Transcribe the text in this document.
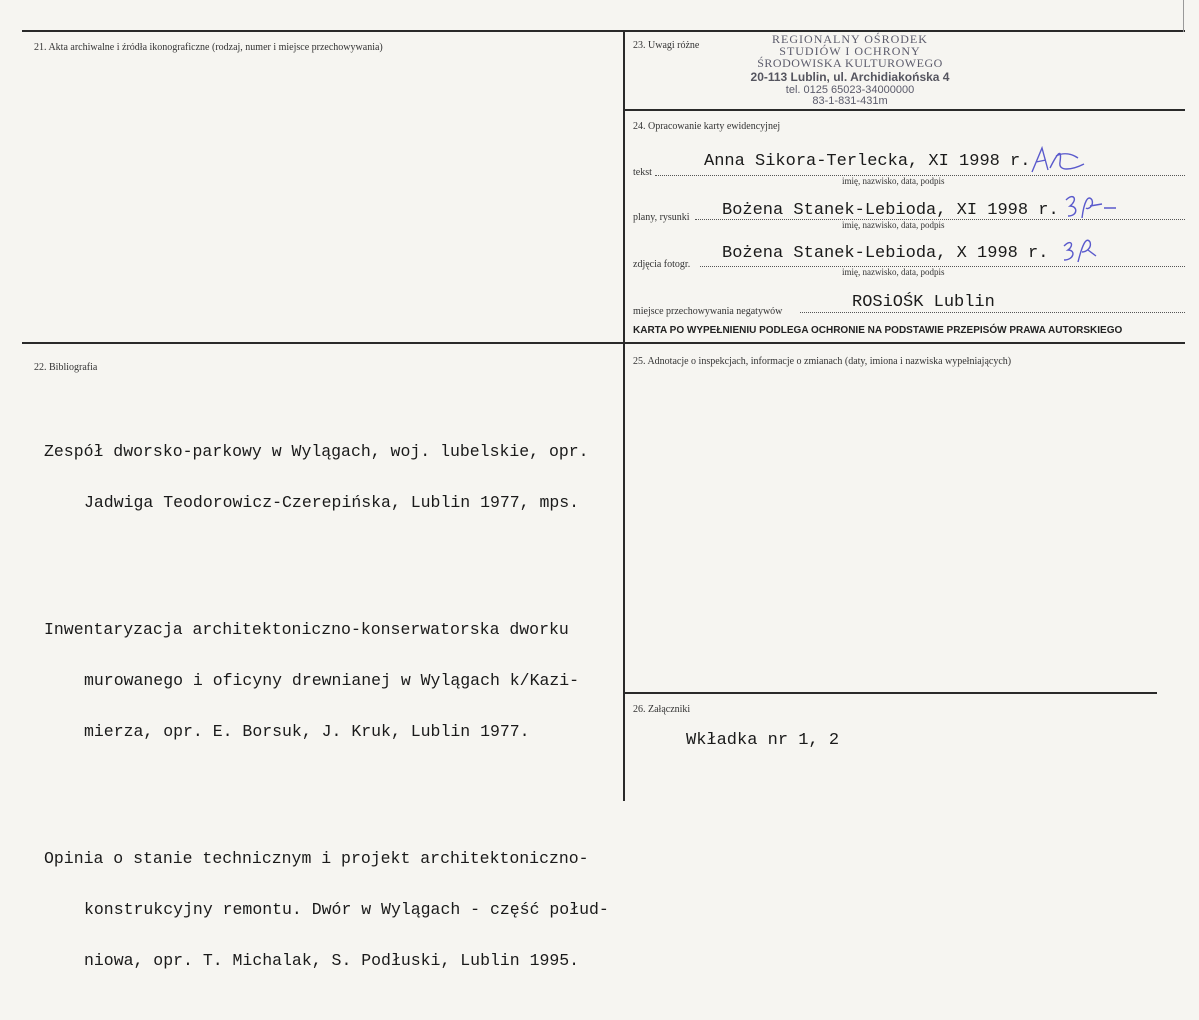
21. Akta archiwalne i źródła ikonograficzne (rodzaj, numer i miejsce przechowywania)
22. Bibliografia

Zespół dworsko-parkowy w Wylągach, woj. lubelskie, opr.

Jadwiga Teodorowicz-Czerepińska, Lublin 1977, mps.

Inwentaryzacja architektoniczno-konserwatorska dworku

murowanego i oficyny drewnianej w Wylągach k/Kazi-

mierza, opr. E. Borsuk, J. Kruk, Lublin 1977.

Opinia o stanie technicznym i projekt architektoniczno-

konstrukcyjny remontu. Dwór w Wylągach - część połud-

niowa, opr. T. Michalak, S. Podłuski, Lublin 1995.

23. Uwagi różne	REGIONALNY OŚRODEK
STUDIÓW I OCHRONY
ŚRODOWISKA KULTUROWEGO
20-113 Lublin, ul. Archidiakońska 4
tel. 0125 65023-34000000
83-1-831-431m
24. Opracowanie karty ewidencyjnej
tekst
Anna Sikora-Terlecka, XI 1998 r.
imię, nazwisko, data, podpis
plany, rysunki Bożena Stanek-Lebioda, XI 1998 r.
imię, nazwisko, data, podpis
zdjęcia fotogr.
Bożena Stanek-Lebioda, X 1998 r.
imię, nazwisko, data, podpis
miejsce przechowywania negatywów	ROSiOŚK Lublin
KARTA PO WYPEŁNIENIU PODLEGA OCHRONIE NA PODSTAWIE PRZEPISÓW PRAWA AUTORSKIEGO
25. Adnotacje o inspekcjach, informacje o zmianach (daty, imiona i nazwiska wypełniających)
26. Załączniki
Wkładka nr 1, 2
